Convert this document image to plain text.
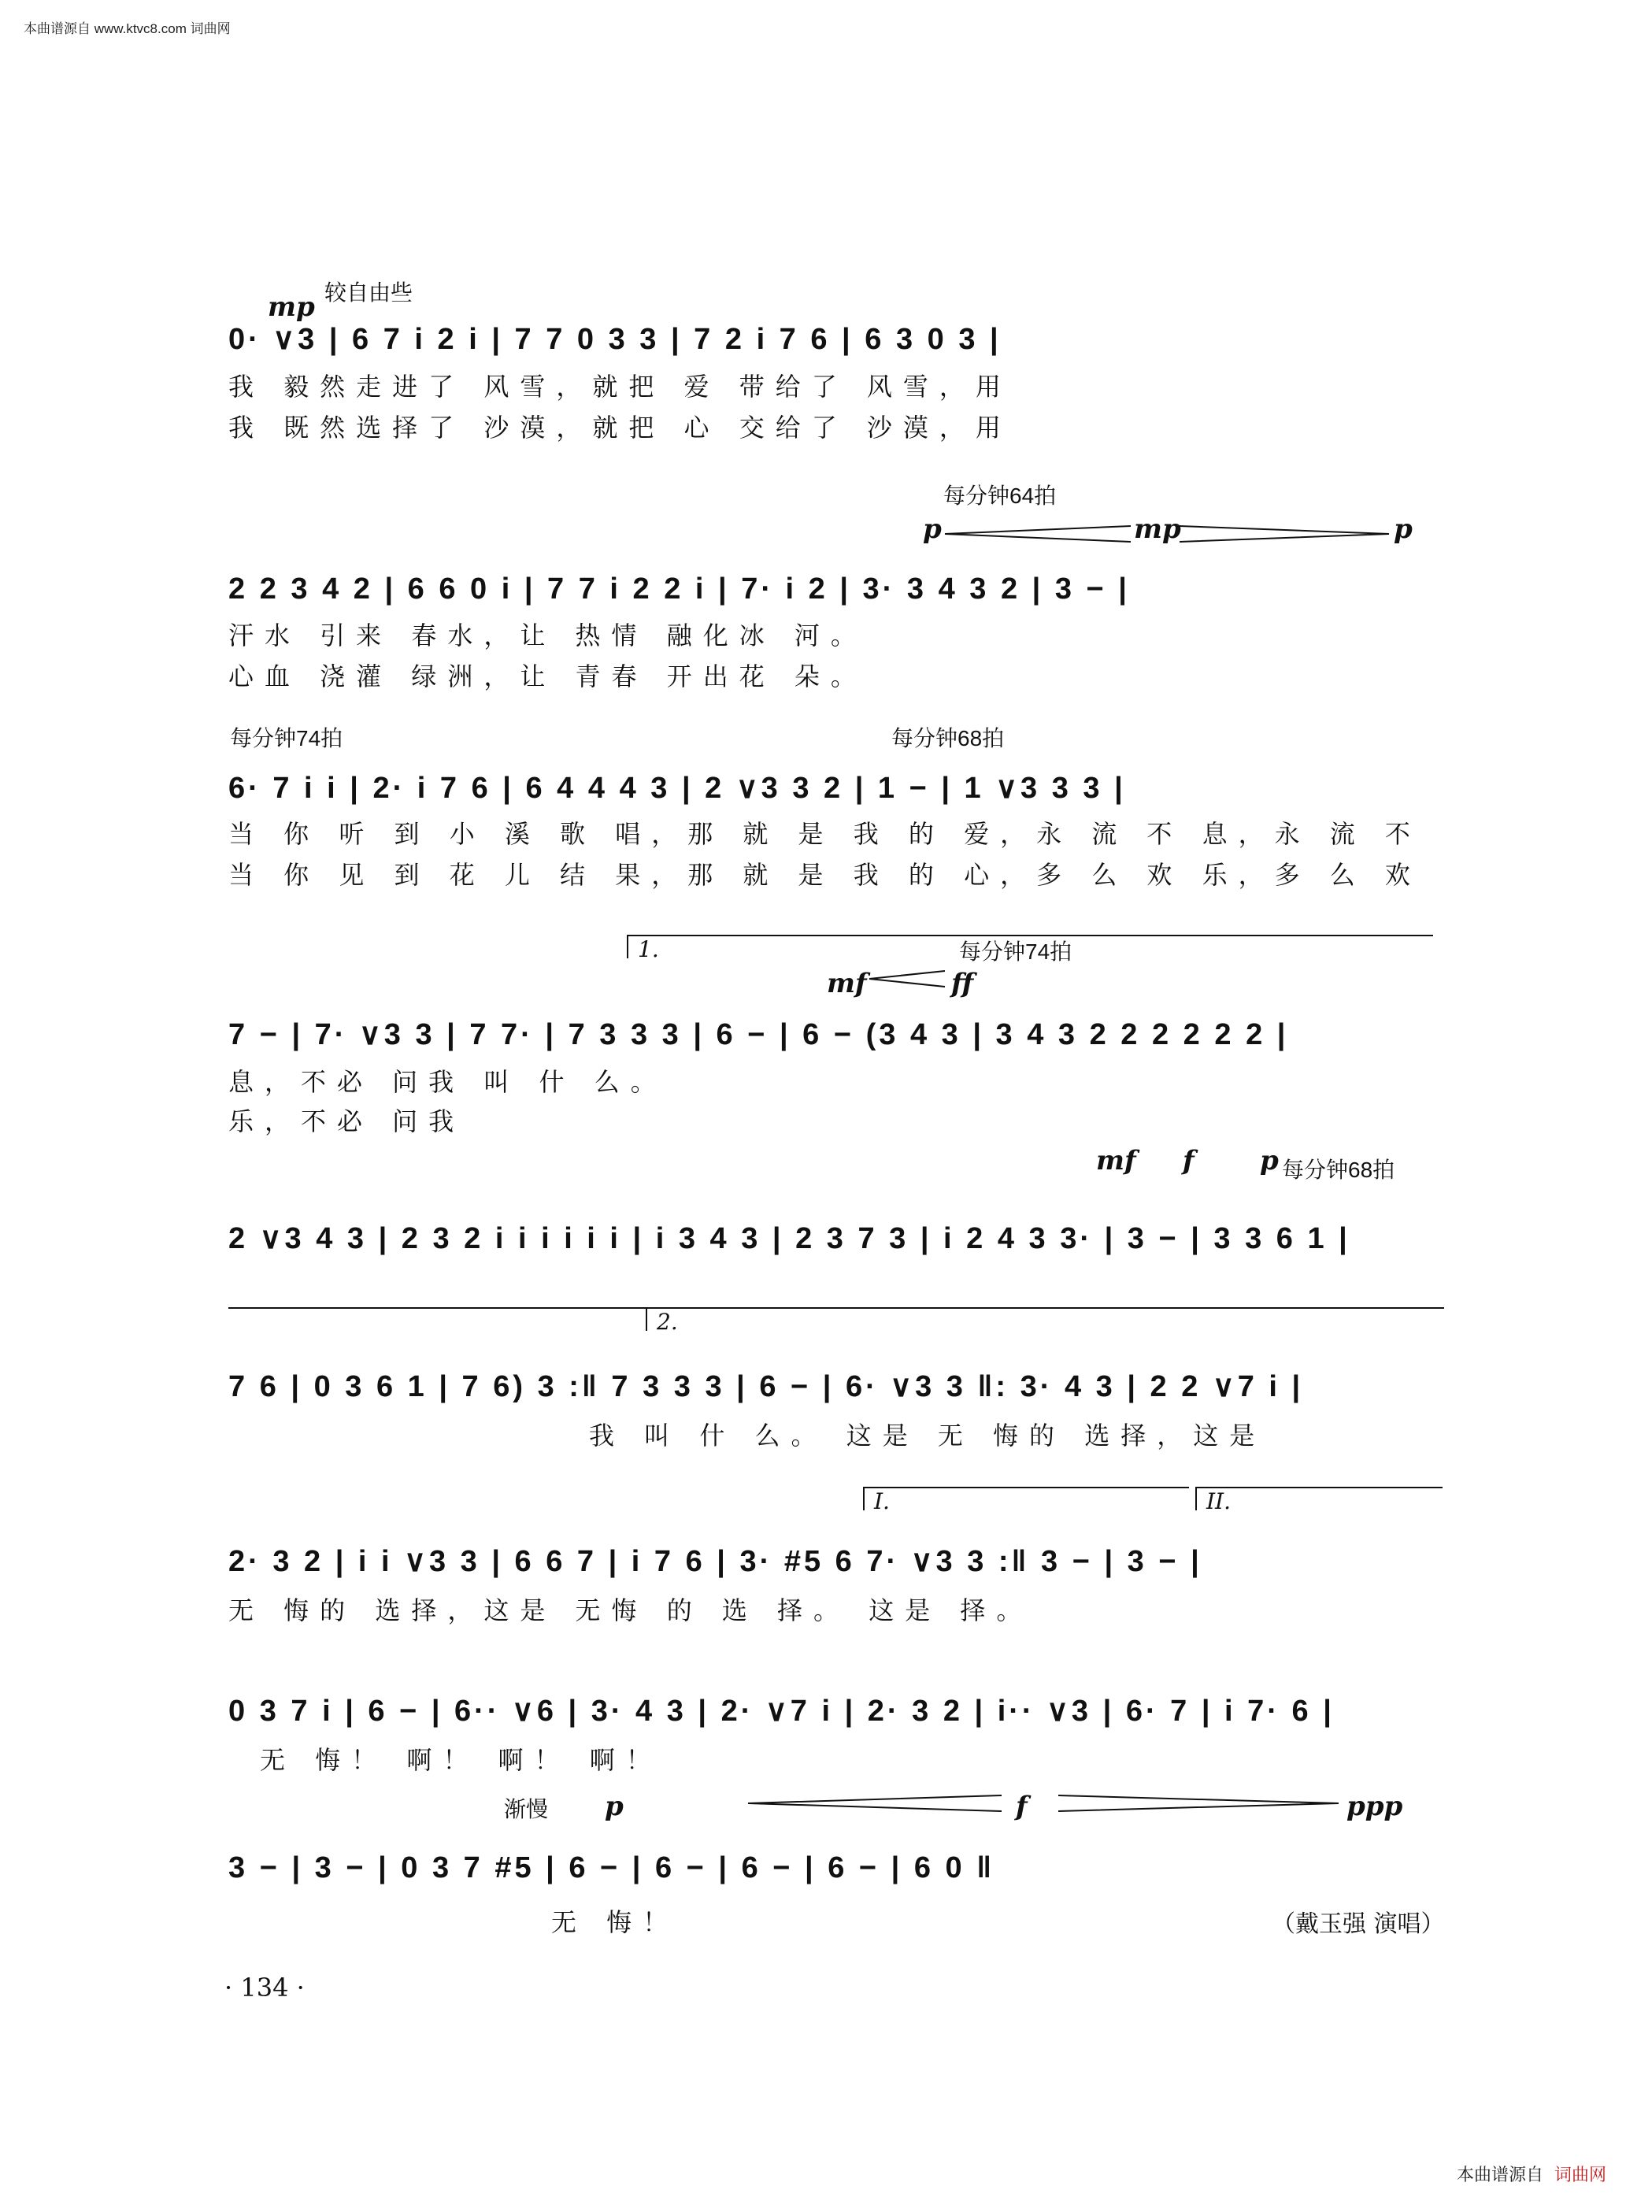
本曲谱源自 www.ktvc8.com 词曲网
较自由些
mp
0· ∨3 | 6 7 i 2 i | 7 7 0 3 3 | 7 2 i 7 6 | 6 3 0 3 |
我 毅然走进了 风雪，就把 爱 带给了 风雪，用
我 既然选择了 沙漠，就把 心 交给了 沙漠，用
每分钟64拍
p	mp	p
2 2 3 4 2 | 6 6 0 i | 7 7 i 2 2 i | 7· i 2 | 3· 3 4 3 2 | 3 − |
汗水 引来 春水，让 热情 融化冰 河。
心血 浇灌 绿洲，让 青春 开出花 朵。
每分钟74拍	每分钟68拍
6· 7 i i | 2· i 7 6 | 6 4 4 4 3 | 2 ∨3 3 2 | 1 − | 1 ∨3 3 3 |
当 你 听 到 小 溪 歌 唱，那 就 是 我 的 爱，永 流 不 息，永 流 不
当 你 见 到 花 儿 结 果，那 就 是 我 的 心，多 么 欢 乐，多 么 欢
1.	每分钟74拍
mf	ff
7 − | 7· ∨3 3 | 7 7· | 7 3 3 3 | 6 − | 6 − (3 4 3 | 3 4 3 2 2 2 2 2 2 |
息，不必 问我 叫 什 么。
乐，不必 问我
mf f p 每分钟68拍
2 ∨3 4 3 | 2 3 2 i i i i i i | i 3 4 3 | 2 3 7 3 | i 2 4 3 3· | 3 − | 3 3 6 1 |
2.
7 6 | 0 3 6 1 | 7 6) 3 :‖ 7 3 3 3 | 6 − | 6· ∨3 3 ‖: 3· 4 3 | 2 2 ∨7 i |
我 叫 什 么。 这是 无 悔的 选择，这是
I.	II.
2· 3 2 | i i ∨3 3 | 6 6 7 | i 7 6 | 3· #5 6 7· ∨3 3 :‖ 3 − | 3 − |
无 悔的 选择，这是 无悔 的 选 择。 这是 择。
0 3 7 i | 6 − | 6·· ∨6 | 3· 4 3 | 2· ∨7 i | 2· 3 2 | i·· ∨3 | 6· 7 | i 7· 6 |
无 悔！ 啊！ 啊！ 啊！
渐慢 p	f	ppp
3 − | 3 − | 0 3 7 #5 | 6 − | 6 − | 6 − | 6 − | 6 0 ‖
无 悔！	（戴玉强 演唱）
· 134 ·
本曲谱源自 词曲网
